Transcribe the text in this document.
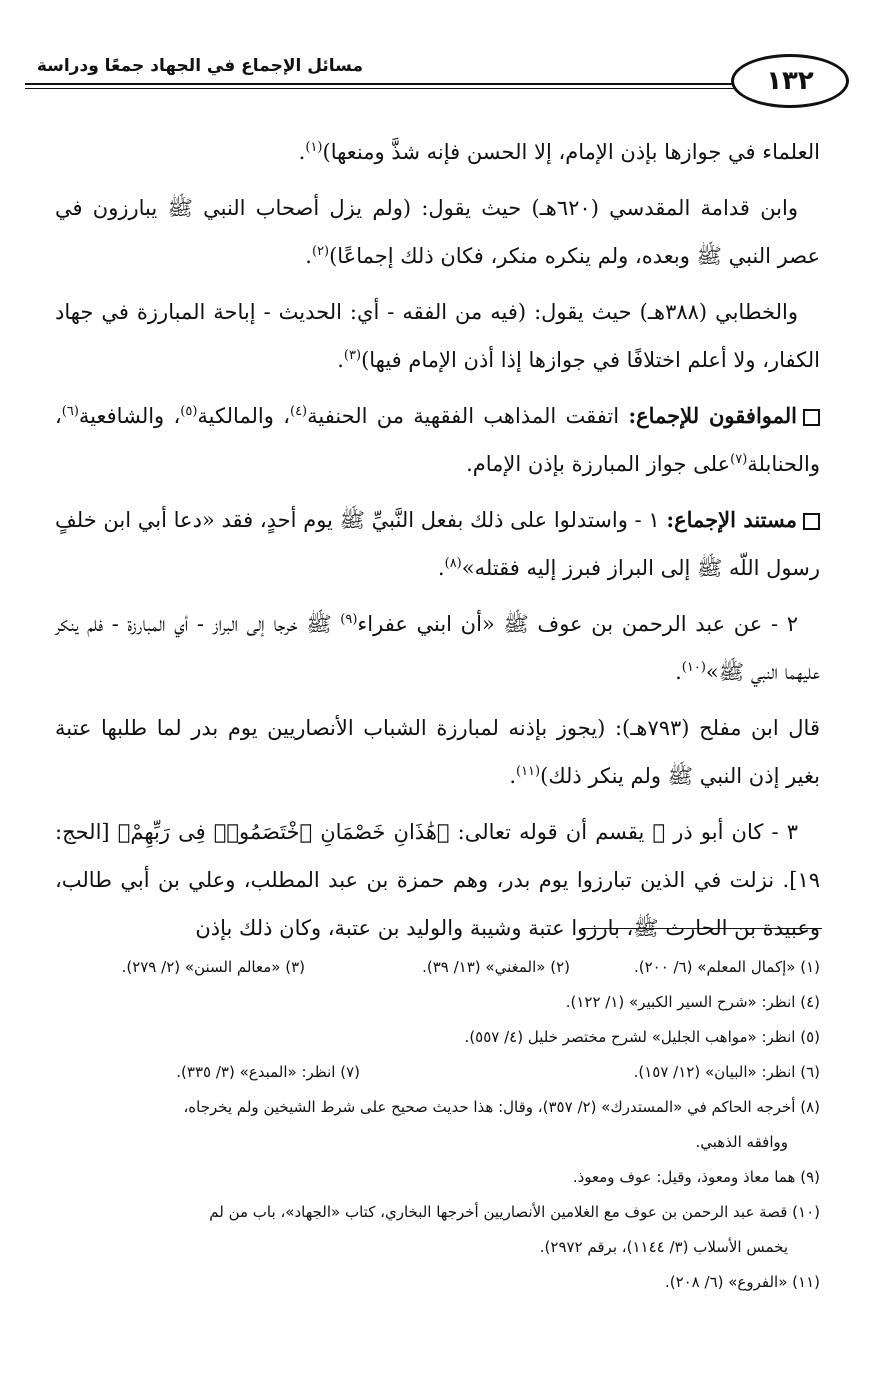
مسائل الإجماع في الجهاد جمعًا ودراسة	١٣٢

العلماء في جوازها بإذن الإمام، إلا الحسن فإنه شذَّ ومنعها)$^{(١)}$.

وابن قدامة المقدسي (٦٢٠هـ) حيث يقول: (ولم يزل أصحاب النبي ﷺ يبارزون في عصر النبي ﷺ وبعده، ولم ينكره منكر، فكان ذلك إجماعًا)$^{(٢)}$.

والخطابي (٣٨٨هـ) حيث يقول: (فيه من الفقه - أي: الحديث - إباحة المبارزة في جهاد الكفار، ولا أعلم اختلافًا في جوازها إذا أذن الإمام فيها)$^{(٣)}$.

الموافقون للإجماع: اتفقت المذاهب الفقهية من الحنفية$^{(٤)}$، والمالكية$^{(٥)}$، والشافعية$^{(٦)}$، والحنابلة$^{(٧)}$على جواز المبارزة بإذن الإمام.

مستند الإجماع: ١ - واستدلوا على ذلك بفعل النَّبيِّ ﷺ يوم أحدٍ، فقد «دعا أبي ابن خلفٍ رسول اللّه ﷺ إلى البراز فبرز إليه فقتله»$^{(٨)}$.

٢ - عن عبد الرحمن بن عوف ﷺ «أن ابني عفراء$^{(٩)}$ ﷺ خرجا إلى البراز - أي المبارزة - فلم ينكر عليهما النبي ﷺ»$^{(١٠)}$.

قال ابن مفلح (٧٩٣هـ): (يجوز بإذنه لمبارزة الشباب الأنصاريين يوم بدر لما طلبها عتبة بغير إذن النبي ﷺ ولم ينكر ذلك)$^{(١١)}$.

٣ - كان أبو ذر ﷺ يقسم أن قوله تعالى: ﴿هَٰذَانِ خَصْمَانِ ٱخْتَصَمُوا۟ فِى رَبِّهِمْ﴾ [الحج: ١٩]. نزلت في الذين تبارزوا يوم بدر، وهم حمزة بن عبد المطلب، وعلي بن أبي طالب، وعبيدة بن الحارث ﷺ، بارزوا عتبة وشيبة والوليد بن عتبة، وكان ذلك بإذن

(١) «إكمال المعلم» (٦/ ٢٠٠).
(٢) «المغني» (١٣/ ٣٩).
(٣) «معالم السنن» (٢/ ٢٧٩).
(٤) انظر: «شرح السير الكبير» (١/ ١٢٢).
(٥) انظر: «مواهب الجليل» لشرح مختصر خليل (٤/ ٥٥٧).
(٦) انظر: «البيان» (١٢/ ١٥٧).
(٧) انظر: «المبدع» (٣/ ٣٣٥).
(٨) أخرجه الحاكم في «المستدرك» (٢/ ٣٥٧)، وقال: هذا حديث صحيح على شرط الشيخين ولم يخرجاه،
ووافقه الذهبي.
(٩) هما معاذ ومعوذ، وقيل: عوف ومعوذ.
(١٠) قصة عبد الرحمن بن عوف مع الغلامين الأنصاريين أخرجها البخاري، كتاب «الجهاد»، باب من لم
يخمس الأسلاب (٣/ ١١٤٤)، برقم ٢٩٧٢).
(١١) «الفروع» (٦/ ٢٠٨).
